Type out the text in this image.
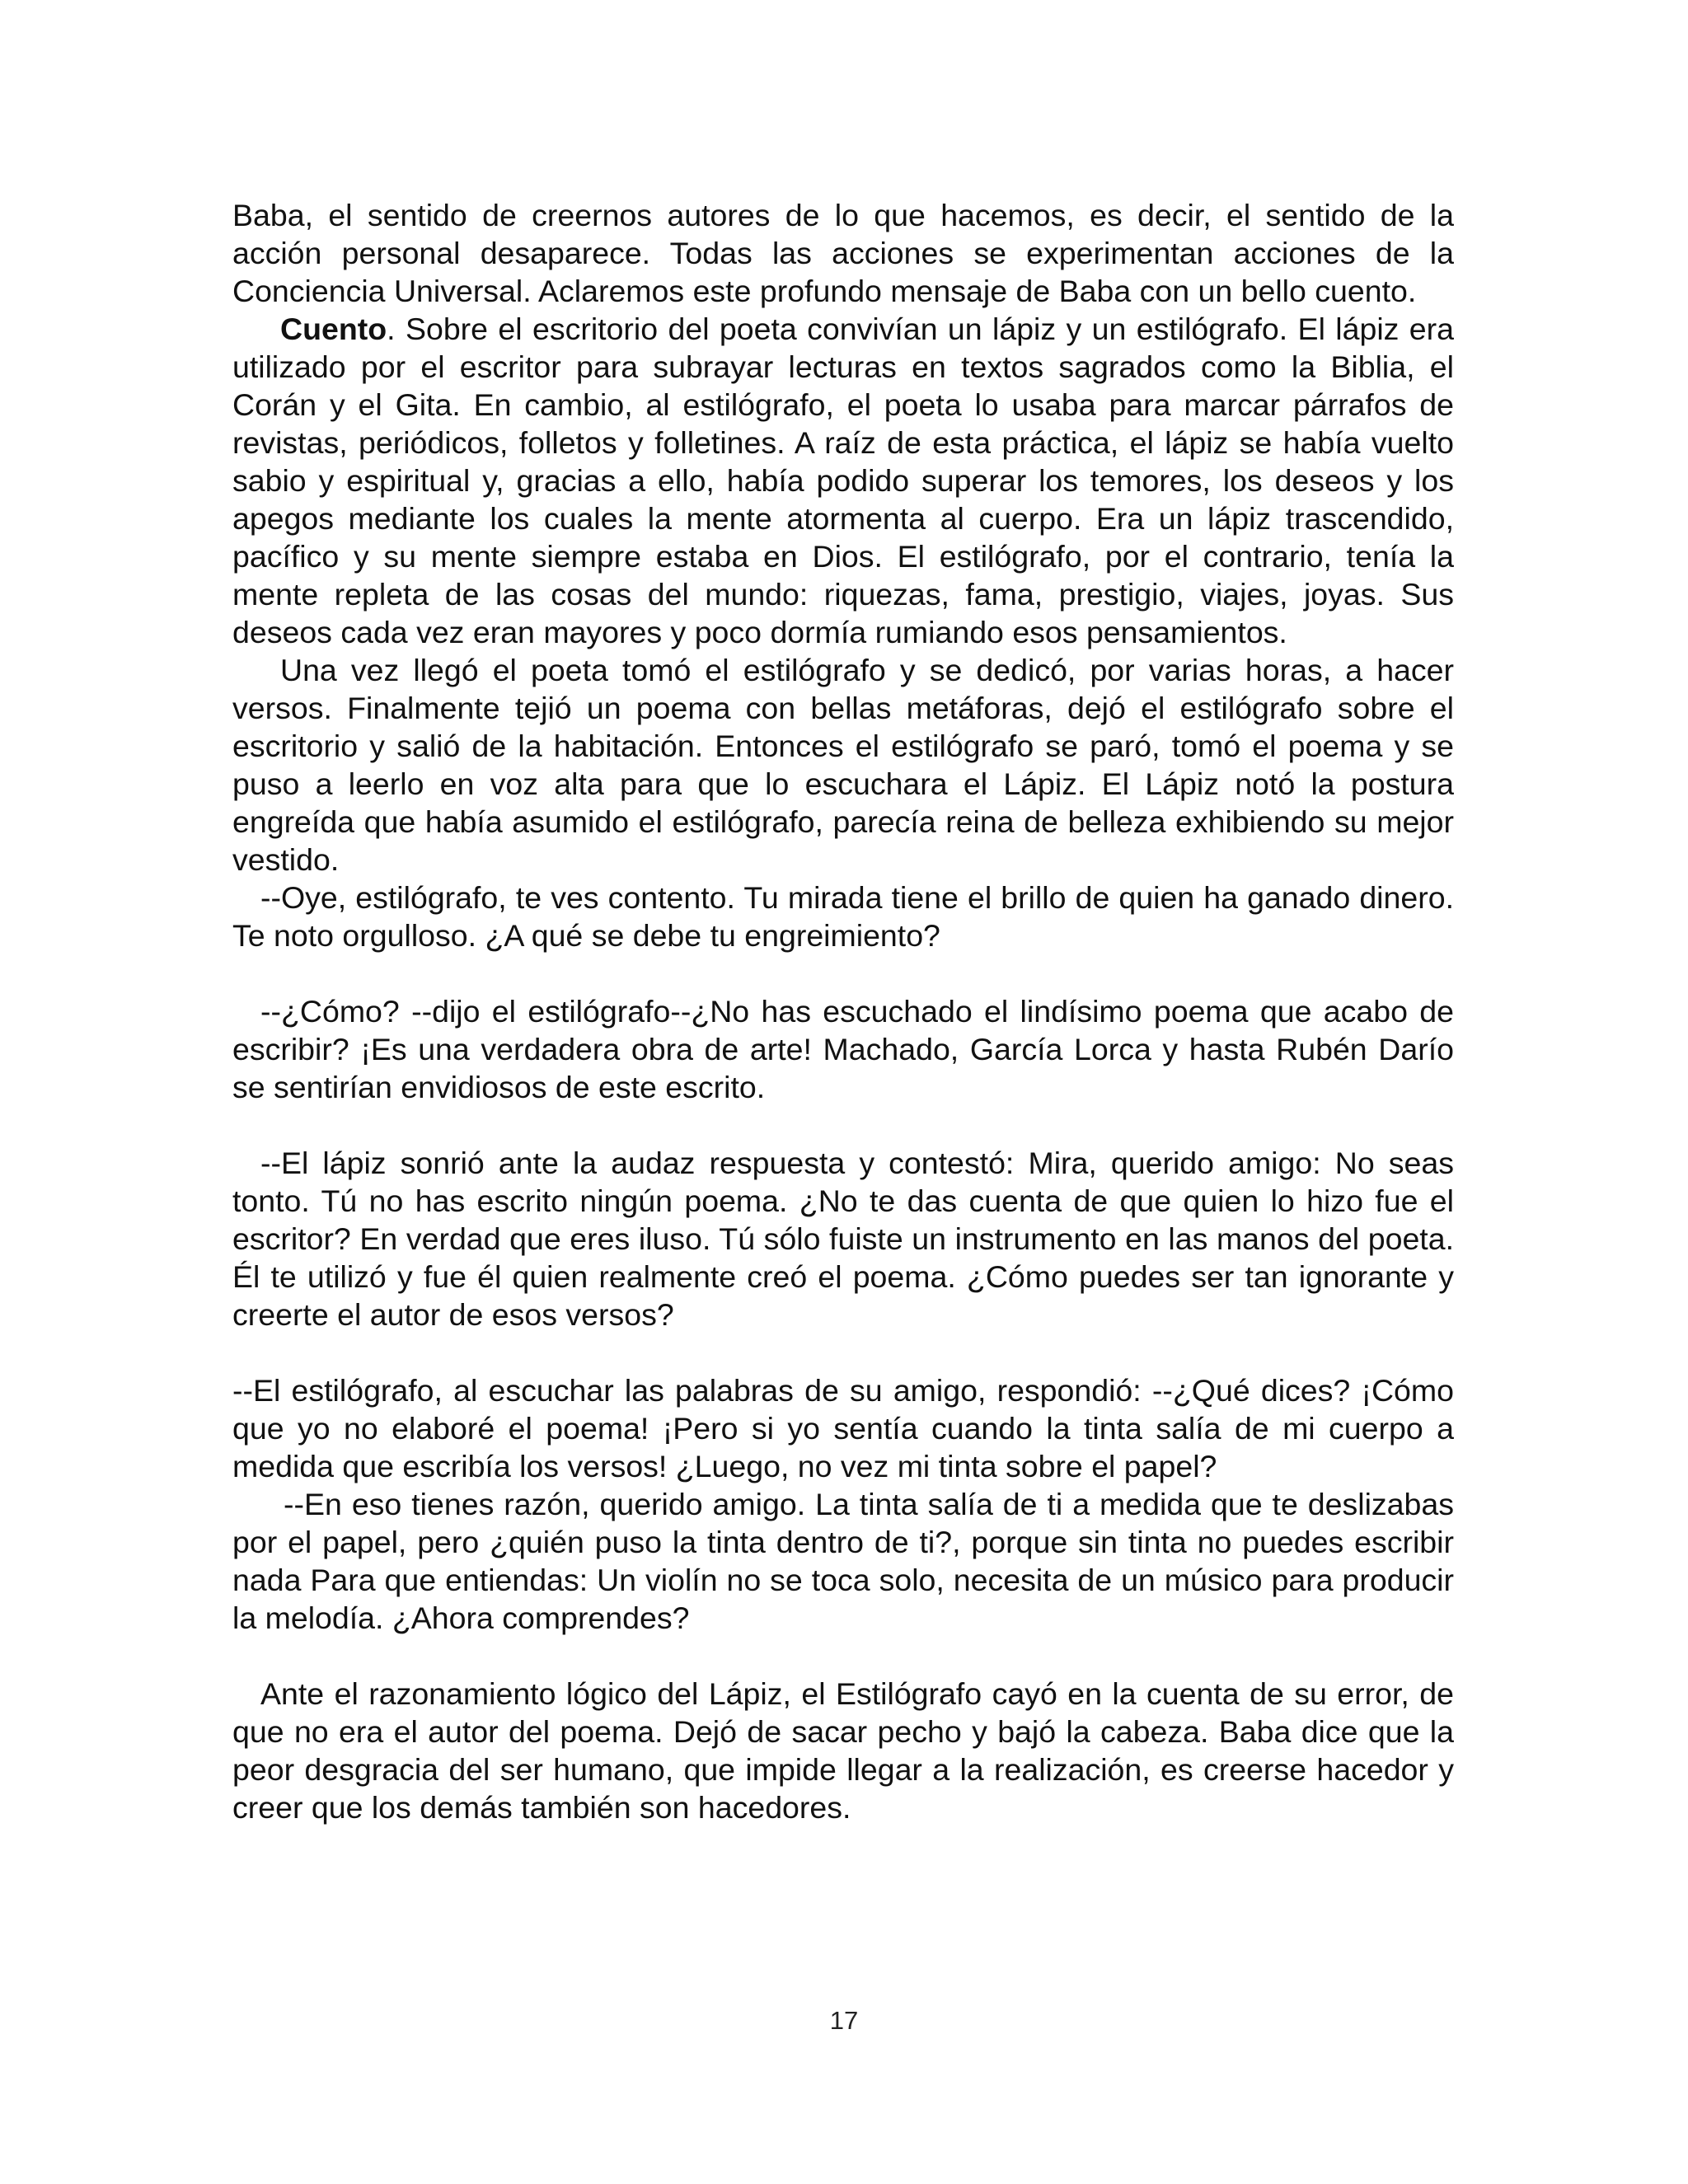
Baba, el sentido de creernos autores de lo que hacemos, es decir, el sentido de la acción personal desaparece. Todas las acciones se experimentan acciones de la Conciencia Universal. Aclaremos este profundo mensaje de Baba con un bello cuento.

Cuento. Sobre el escritorio del poeta convivían un lápiz y un estilógrafo. El lápiz era utilizado por el escritor para subrayar lecturas en textos sagrados como la Biblia, el Corán y el Gita. En cambio, al estilógrafo, el poeta lo usaba para marcar párrafos de revistas, periódicos, folletos y folletines. A raíz de esta práctica, el lápiz se había vuelto sabio y espiritual y, gracias a ello, había podido superar los temores, los deseos y los apegos mediante los cuales la mente atormenta al cuerpo. Era un lápiz trascendido, pacífico y su mente siempre estaba en Dios. El estilógrafo, por el contrario, tenía la mente repleta de las cosas del mundo: riquezas, fama, prestigio, viajes, joyas. Sus deseos cada vez eran mayores y poco dormía rumiando esos pensamientos.

Una vez llegó el poeta tomó el estilógrafo y se dedicó, por varias horas, a hacer versos. Finalmente tejió un poema con bellas metáforas, dejó el estilógrafo sobre el escritorio y salió de la habitación. Entonces el estilógrafo se paró, tomó el poema y se puso a leerlo en voz alta para que lo escuchara el Lápiz. El Lápiz notó la postura engreída que había asumido el estilógrafo, parecía reina de belleza exhibiendo su mejor vestido.

--Oye, estilógrafo, te ves contento. Tu mirada tiene el brillo de quien ha ganado dinero. Te noto orgulloso. ¿A qué se debe tu engreimiento?

--¿Cómo? --dijo el estilógrafo--¿No has escuchado el lindísimo poema que acabo de escribir? ¡Es una verdadera obra de arte! Machado, García Lorca y hasta Rubén Darío se sentirían envidiosos de este escrito.

--El lápiz sonrió ante la audaz respuesta y contestó: Mira, querido amigo: No seas tonto. Tú no has escrito ningún poema. ¿No te das cuenta de que quien lo hizo fue el escritor? En verdad que eres iluso. Tú sólo fuiste un instrumento en las manos del poeta. Él te utilizó y fue él quien realmente creó el poema. ¿Cómo puedes ser tan ignorante y creerte el autor de esos versos?

--El estilógrafo, al escuchar las palabras de su amigo, respondió: --¿Qué dices? ¡Cómo que yo no elaboré el poema! ¡Pero si yo sentía cuando la tinta salía de mi cuerpo a medida que escribía los versos! ¿Luego, no vez mi tinta sobre el papel?

--En eso tienes razón, querido amigo. La tinta salía de ti a medida que te deslizabas por el papel, pero ¿quién puso la tinta dentro de ti?, porque sin tinta no puedes escribir nada Para que entiendas: Un violín no se toca solo, necesita de un músico para producir la melodía. ¿Ahora comprendes?

Ante el razonamiento lógico del Lápiz, el Estilógrafo cayó en la cuenta de su error, de que no era el autor del poema. Dejó de sacar pecho y bajó la cabeza. Baba dice que la peor desgracia del ser humano, que impide llegar a la realización, es creerse hacedor y creer que los demás también son hacedores.

17
